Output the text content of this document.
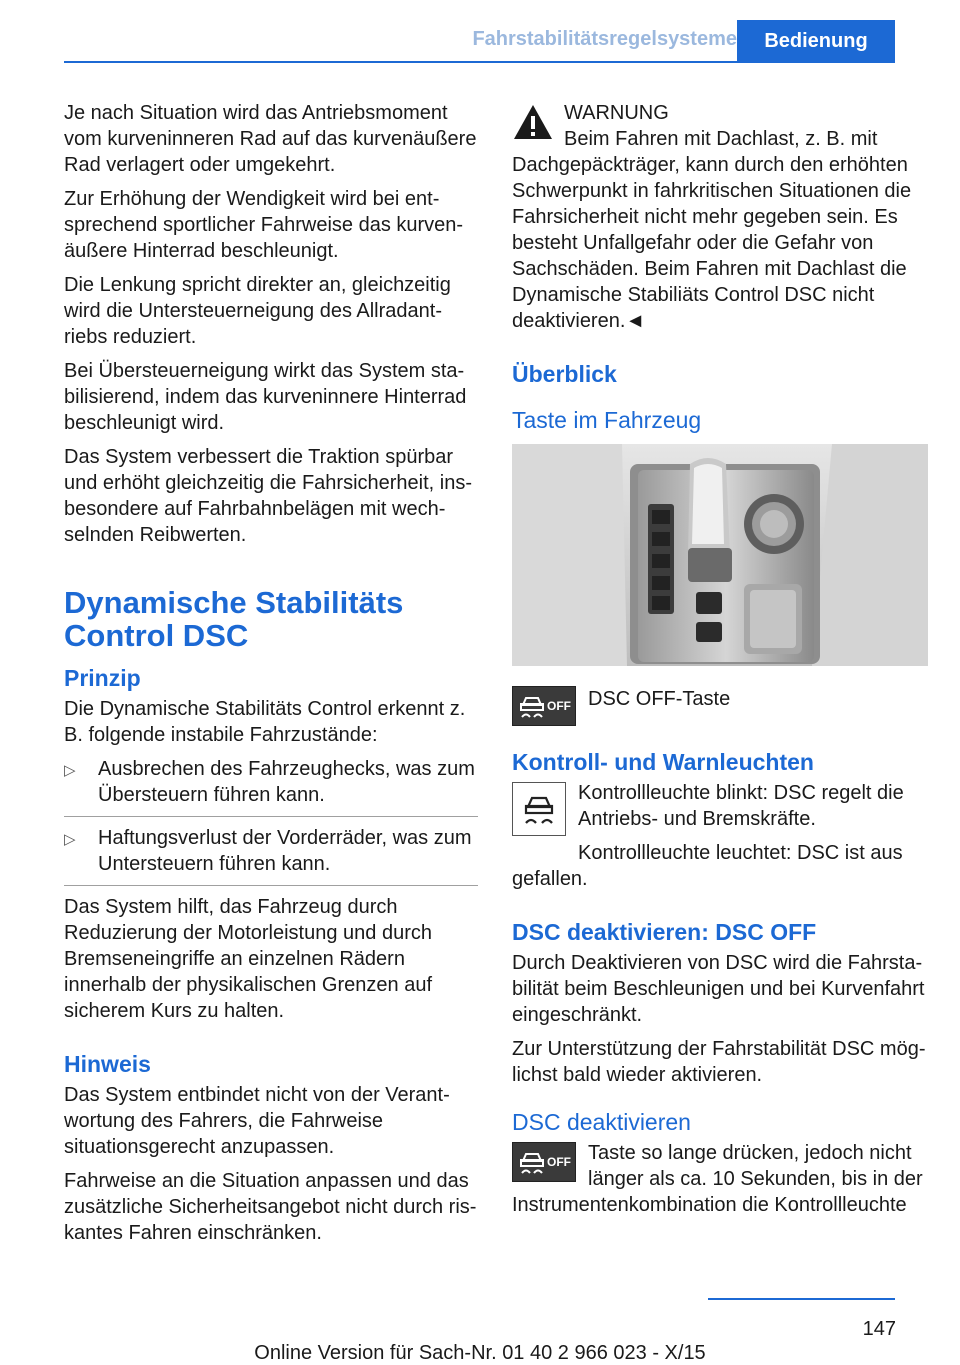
Fahrstabilitätsregelsysteme	Bedienung

Je nach Situation wird das Antriebsmoment vom kurveninneren Rad auf das kurvenäußere Rad verlagert oder umgekehrt.

Zur Erhöhung der Wendigkeit wird bei entsprechend sportlicher Fahrweise das kurvenäußere Hinterrad beschleunigt.

Die Lenkung spricht direkter an, gleichzeitig wird die Untersteuerneigung des Allradantriebs reduziert.

Bei Übersteuerneigung wirkt das System stabilisierend, indem das kurveninnere Hinterrad beschleunigt wird.

Das System verbessert die Traktion spürbar und erhöht gleichzeitig die Fahrsicherheit, insbesondere auf Fahrbahnbelägen mit wechselnden Reibwerten.

Dynamische Stabilitäts Control DSC
Prinzip

Die Dynamische Stabilitäts Control erkennt z. B. folgende instabile Fahrzustände:

▷ Ausbrechen des Fahrzeughecks, was zum Übersteuern führen kann.
▷ Haftungsverlust der Vorderräder, was zum Untersteuern führen kann.

Das System hilft, das Fahrzeug durch Reduzierung der Motorleistung und durch Bremseneingriffe an einzelnen Rädern innerhalb der physikalischen Grenzen auf sicherem Kurs zu halten.

Hinweis

Das System entbindet nicht von der Verantwortung des Fahrers, die Fahrweise situationsgerecht anzupassen.

Fahrweise an die Situation anpassen und das zusätzliche Sicherheitsangebot nicht durch riskantes Fahren einschränken.

WARNUNG
Beim Fahren mit Dachlast, z. B. mit
Dachgepäckträger, kann durch den erhöhten Schwerpunkt in fahrkritischen Situationen die Fahrsicherheit nicht mehr gegeben sein. Es besteht Unfallgefahr oder die Gefahr von Sachschäden. Beim Fahren mit Dachlast die Dynamische Stabiliäts Control DSC nicht deaktivieren.◄
Überblick
Taste im Fahrzeug
OFF DSC OFF-Taste
Kontroll- und Warnleuchten

Kontrollleuchte blinkt: DSC regelt die Antriebs- und Bremskräfte.

Kontrollleuchte leuchtet: DSC ist aus
gefallen.
DSC deaktivieren: DSC OFF

Durch Deaktivieren von DSC wird die Fahrstabilität beim Beschleunigen und bei Kurvenfahrt eingeschränkt.

Zur Unterstützung der Fahrstabilität DSC möglichst bald wieder aktivieren.

DSC deaktivieren
OFF Taste so lange drücken, jedoch nicht länger als ca. 10 Sekunden, bis in der
Instrumentenkombination die Kontrollleuchte
147
Online Version für Sach-Nr. 01 40 2 966 023 - X/15
